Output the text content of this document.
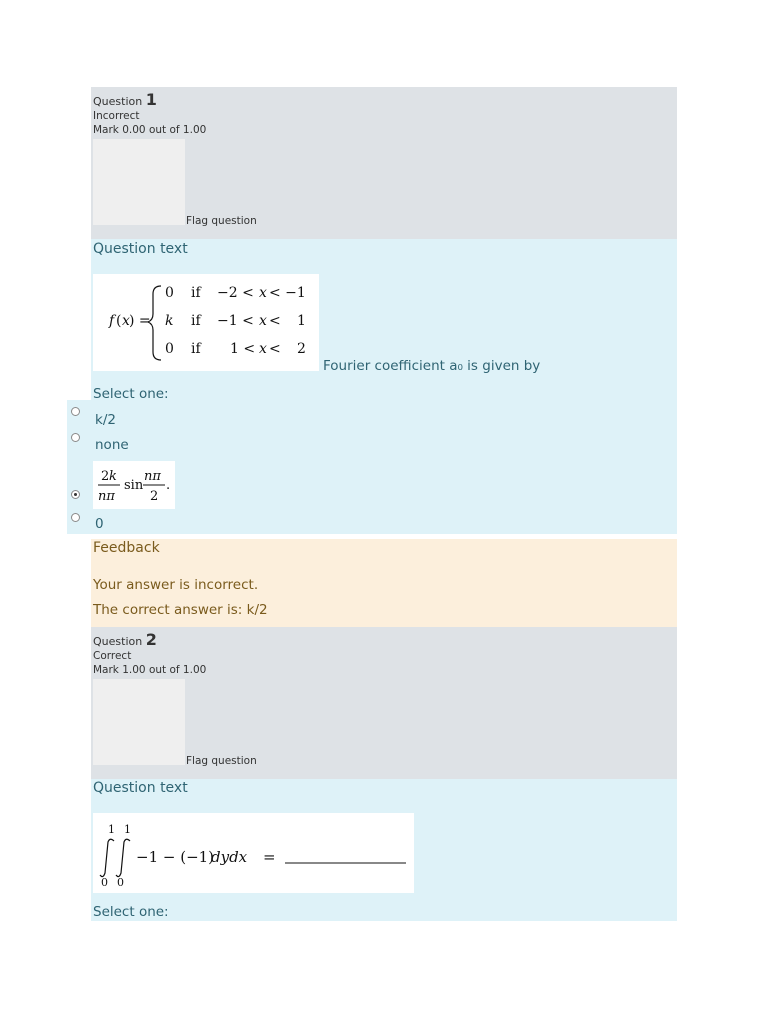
Question 1
Incorrect
Mark 0.00 out of 1.00
Flag question
Question text
f ( x ) =
0 if −2 < x < −1
k if −1 < x < 1
0 if 1 < x < 2
Fourier coefficient a₀ is given by
Select one:
k/2
none
2 k
nπ
sin
nπ
2
.
0
Feedback
Your answer is incorrect.
The correct answer is: k/2
Question 2
Correct
Mark 1.00 out of 1.00
Flag question
Question text
1 1
0 0
−1 − (−1)
dydx =
Select one:
